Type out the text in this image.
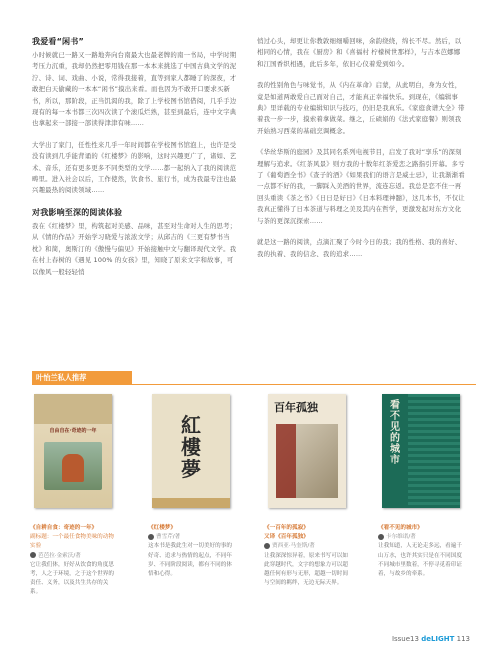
我爱看“闲书”

小时候就已一路又一路地奔向台南最大也最老牌的南一书局，中学时期考压力沉重，我却仍然把零用钱在那一本本来挑选了中国古典文学的泥泞、诗、词、戏曲、小说，常得我接着，直等到家人都睡了的深夜，才敢把白天偷藏的一本本“闲书”摸出来看。而也因为不敢开口要求买新书，所以，那阶段，正当饥渴的我，除了上学校图书馆借阅，几乎手边现有的每一本书都三次四次读了个滚瓜烂熟，甚至到最后，连中文字典也拿起来一部接一部读得津津有味……

大学出了家门，任性性来几乎一年时间都在学校图书馆泡上，也许是受没有读到几乎能背诵的《红楼梦》的影响，这时兴趣更广了，诸如、艺术、音乐，还有更多更多不同类型的文学……都一起纳入了我的阅读范畴里。进入社会以后，工作使然，饮食书、旅行书，成为我最专注也最兴趣最热的阅读领域……

对我影响至深的阅读体验

我在《红楼梦》里，构筑起对美感、品味，甚至对生命对人生的思考；从《情的作品》开始学习晓爱与浓浓文学；从邱吉的《三更有梦书当枕》和简，奥斯汀的《傲慢与偏见》开始接触中文与翻译现代文学。我在村上春树的《遇见 100% 的女孩》里，知晓了原来文字和故事，可以像风一般轻轻悄

悄过心头，却更让你教敦细细嚼回味，余韵绕绕，绵长不尽。然后，以相同的心情，我在《厨房》和《喜福村 柠檬树世那样》，与吉本芭娜娜和江国香织相遇，此后多年，依旧心仪着爱到如今。

我的性别角色与味觉书，从《内在革命》启蒙，从此明白，身为女性，竟是如道两敢爱自己面对自己，才能真正幸福快乐。到现在，《编辑事典》里详载的专业编辑知识与技巧，仍旧是我真乐。《家庭食谱大全》带着我一步一步，摸索着拿做菜。继之，丘碛娟的《法式家庭餐》则领我开始熟习西菜的基础烹调概念。

《华丝华斯的庭园》及其同名系列电视节目，启发了我对“享乐”的深刻理解与追求。《红茶风景》则方我的十数年红茶爱恋之路指引开幕。多亏了《葡萄酒全书》《查子的酒》《如果我们的语言是威士忌》，让我渐渐看一点都不好的我，一脚踩入美酒的世界，流连忘返。我总是恋不住一再回头重读《茶之书》《日日是好日》《日本料理神髓》，这几本书，不仅让我真正懂得了日本茶道与料理之美及其内在哲学，更激发起对东方文化与茶的更深沉探索……

就是这一路的阅读，点滴汇聚了今时今日的我；我的性格、我的喜好、我的执着、我的信念、我的追求……

叶怡兰私人推荐
自由自在·奇迹的一年
《自耕自食：奇迹的一年》
副标题：一个最任食物美味的动物实验
芭芭拉·金索沃/著
它让我们体，好好从饮食的角度思考，人之于环境，之于这个世界的责任、义务，以及共生共存的关系。
紅樓夢
《红楼梦》
曹雪芹/著
这本书是我此生对一切美好的事的好奇、追求与热情的起点，不同年岁、不同阶段阅读，都有不同的体悟和心得。
百年孤独
《一百年的孤寂》
又译《百年孤独》
贾西亚·马奎斯/著
让我深深惊异着，原来书写可以如此穿越时代，文字的想象力可以超越任何有形与无形，超越一切时间与空间的羁绊，无边无际天界。
看不见的城市
《看不见的城市》
卡尔维诺/著
让我知道，人无论走多远，看遍千山万水，也许其实只是在不同国度不同城市里数着，不停寻觅着印证着，与故乡的牵系。
Issue13 deLIGHT 113
